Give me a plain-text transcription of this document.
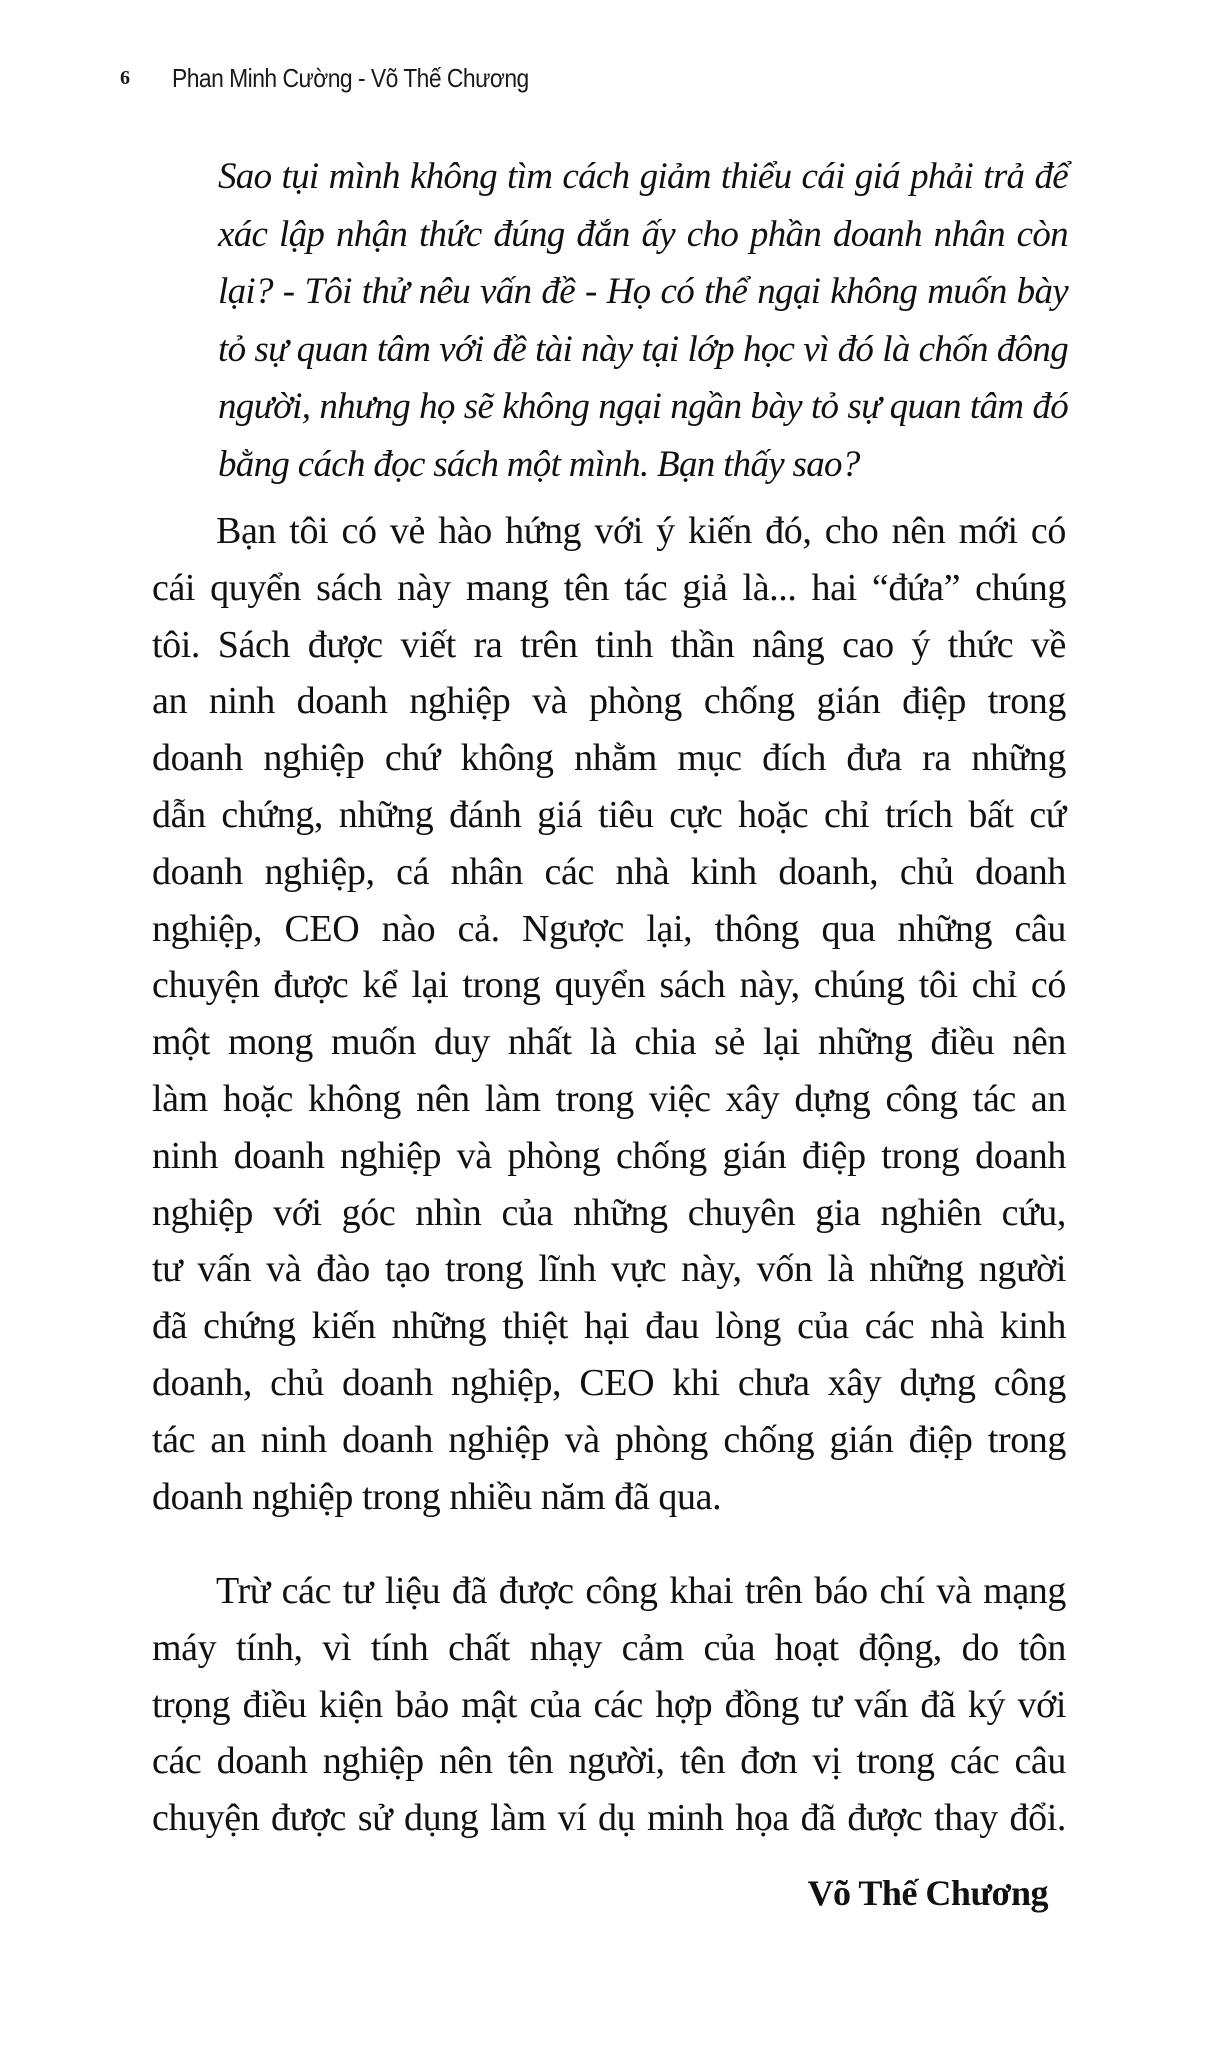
6	Phan Minh Cường - Võ Thế Chương
Sao tụi mình không tìm cách giảm thiểu cái giá phải trả để
xác lập nhận thức đúng đắn ấy cho phần doanh nhân còn
lại? - Tôi thử nêu vấn đề - Họ có thể ngại không muốn bày
tỏ sự quan tâm với đề tài này tại lớp học vì đó là chốn đông
người, nhưng họ sẽ không ngại ngần bày tỏ sự quan tâm đó
bằng cách đọc sách một mình. Bạn thấy sao?
Bạn tôi có vẻ hào hứng với ý kiến đó, cho nên mới có
cái quyển sách này mang tên tác giả là... hai “đứa” chúng
tôi. Sách được viết ra trên tinh thần nâng cao ý thức về
an ninh doanh nghiệp và phòng chống gián điệp trong
doanh nghiệp chứ không nhằm mục đích đưa ra những
dẫn chứng, những đánh giá tiêu cực hoặc chỉ trích bất cứ
doanh nghiệp, cá nhân các nhà kinh doanh, chủ doanh
nghiệp, CEO nào cả. Ngược lại, thông qua những câu
chuyện được kể lại trong quyển sách này, chúng tôi chỉ có
một mong muốn duy nhất là chia sẻ lại những điều nên
làm hoặc không nên làm trong việc xây dựng công tác an
ninh doanh nghiệp và phòng chống gián điệp trong doanh
nghiệp với góc nhìn của những chuyên gia nghiên cứu,
tư vấn và đào tạo trong lĩnh vực này, vốn là những người
đã chứng kiến những thiệt hại đau lòng của các nhà kinh
doanh, chủ doanh nghiệp, CEO khi chưa xây dựng công
tác an ninh doanh nghiệp và phòng chống gián điệp trong
doanh nghiệp trong nhiều năm đã qua.
Trừ các tư liệu đã được công khai trên báo chí và mạng
máy tính, vì tính chất nhạy cảm của hoạt động, do tôn
trọng điều kiện bảo mật của các hợp đồng tư vấn đã ký với
các doanh nghiệp nên tên người, tên đơn vị trong các câu
chuyện được sử dụng làm ví dụ minh họa đã được thay đổi.
Võ Thế Chương
